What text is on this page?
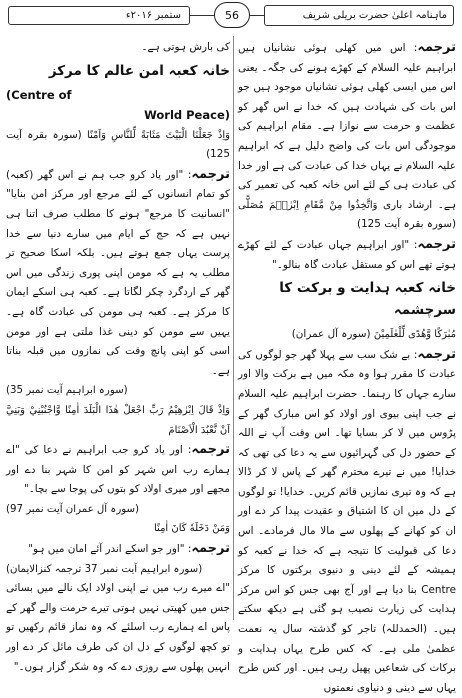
ستمبر ۲۰۱۶ء	56	ماہنامہ اعلیٰ حضرت بریلی شریف

ترجمہ: اس میں کھلی ہوئی نشانیاں ہیں ابراہیم علیہ السلام کے کھڑے ہونے کی جگہ۔ یعنی اس میں ایسی کھلی ہوئی نشانیاں موجود ہیں جو اس بات کی شہادت ہیں کہ خدا نے اس گھر کو عظمت و حرمت سے نوازا ہے۔ مقام ابراہیم کی موجودگی اس بات کی واضح دلیل ہے کہ ابراہیم علیہ السلام نے یہاں خدا کی عبادت کی ہے اور خدا کی عبادت ہی کے لئے اس خانہ کعبہ کی تعمیر کی ہے۔ ارشاد باری وَاتَّخِذُوا مِنْ مَّقَامِ اِبْرٰهٖمَ مُصَلًّى (سورہ بقرہ آیت 125)

ترجمہ: "اور ابراہیم جہاں عبادت کے لئے کھڑے ہوتے تھے اس کو مستقل عبادت گاہ بنالو۔"

خانہ کعبہ ہدایت و برکت کا سرچشمہ

مُبٰرَكًا وَّهُدًى لِّلْعٰلَمِيْنَ (سورہ آل عمران)

ترجمہ: بے شک سب سے پہلا گھر جو لوگوں کی عبادت کا مقرر ہوا وہ مکہ میں ہے برکت والا اور سارے جہاں کا رہنما۔ حضرت ابراہیم علیہ السلام نے جب اپنی بیوی اور اولاد کو اس مبارک گھر کے پڑوس میں لا کر بسایا تھا۔ اس وقت آپ نے اللہ کے حضور دل کی گہرائیوں سے یہ دعا کی تھی کہ خدایا! میں نے تیرے محترم گھر کے پاس لا کر ڈالا ہے کہ وہ تیری نمازیں قائم کریں۔ خدایا! تو لوگوں کے دل میں ان کا اشتیاق و عقیدت پیدا کر دے اور ان کو کھانے کے پھلوں سے مالا مال فرمادے۔ اس دعا کی قبولیت کا نتیجہ ہے کہ خدا نے کعبہ کو ہمیشہ کے لئے دینی و دنیوی برکتوں کا مرکز Centre بنا دیا ہے اور آج بھی جس کو اس مرکز ہدایت کی زیارت نصیب ہو گئی ہے دیکھ سکتے ہیں۔ (الحمدللہ) تاجر کو گذشتہ سال یہ نعمت عظمیٰ ملی ہے۔ کہ کس طرح یہاں ہدایت و برکات کی شعاعیں پھیل رہی ہیں۔ اور کس طرح یہاں سے دینی و دنیاوی نعمتوں

کی بارش ہوتی ہے۔

خانہ کعبہ امن عالم کا مرکز
(Centre of
World Peace)

وَاِذْ جَعَلْنَا الْبَيْتَ مَثَابَةً لِّلنَّاسِ وَاَمْنًا (سورہ بقرہ آیت 125)

ترجمہ: "اور یاد کرو جب ہم نے اس گھر (کعبہ) کو تمام انسانوں کے لئے مرجع اور مرکز امن بنایا" "انسانیت کا مرجع" ہونے کا مطلب صرف اتنا ہی نہیں ہے کہ حج کے ایام میں سارے دنیا سے خدا پرست یہاں جمع ہوتے ہیں۔ بلکہ اسکا صحیح تر مطلب یہ ہے کہ مومن اپنی پوری زندگی میں اس گھر کے اردگرد چکر لگاتا ہے۔ کعبہ ہی اسکے ایمان کا مرکز ہے۔ کعبہ ہی مومن کی عبادت گاہ ہے۔ یہیں سے مومن کو دینی غذا ملتی ہے اور مومن اسی کو اپنی پانچ وقت کی نمازوں میں قبلہ بناتا ہے۔

(سورہ ابراہیم آیت نمبر 35)

وَاِذْ قَالَ اِبْرٰهِيْمُ رَبِّ اجْعَلْ هٰذَا الْبَلَدَ اٰمِنًا وَّاجْنُبْنِيْ وَبَنِيَّ اَنْ نَّعْبُدَ الْاَصْنَامَ

ترجمہ: اور یاد کرو جب ابراہیم نے دعا کی "اے ہمارے رب اس شہر کو امن کا شہر بنا دے اور مجھے اور میری اولاد کو بتوں کی پوجا سے بچا۔"

(سورہ آل عمران آیت نمبر 97)

وَمَنْ دَخَلَهٗ كَانَ اٰمِنًا

ترجمہ: "اور جو اسکے اندر آئے امان میں ہو"

(سورہ ابراہیم آیت نمبر 37 ترجمہ کنزالایمان)

"اے میرے رب میں نے اپنی اولاد ایک نالے میں بسائی جس میں کھیتی نہیں ہوتی تیرے حرمت والے گھر کے پاس اے ہمارے رب اسلئے کہ وہ نماز قائم رکھیں تو تو کچھ لوگوں کے دل ان کی طرف مائل کر دے اور انہیں پھلوں سے روزی دے کہ وہ شکر گزار ہوں۔"
